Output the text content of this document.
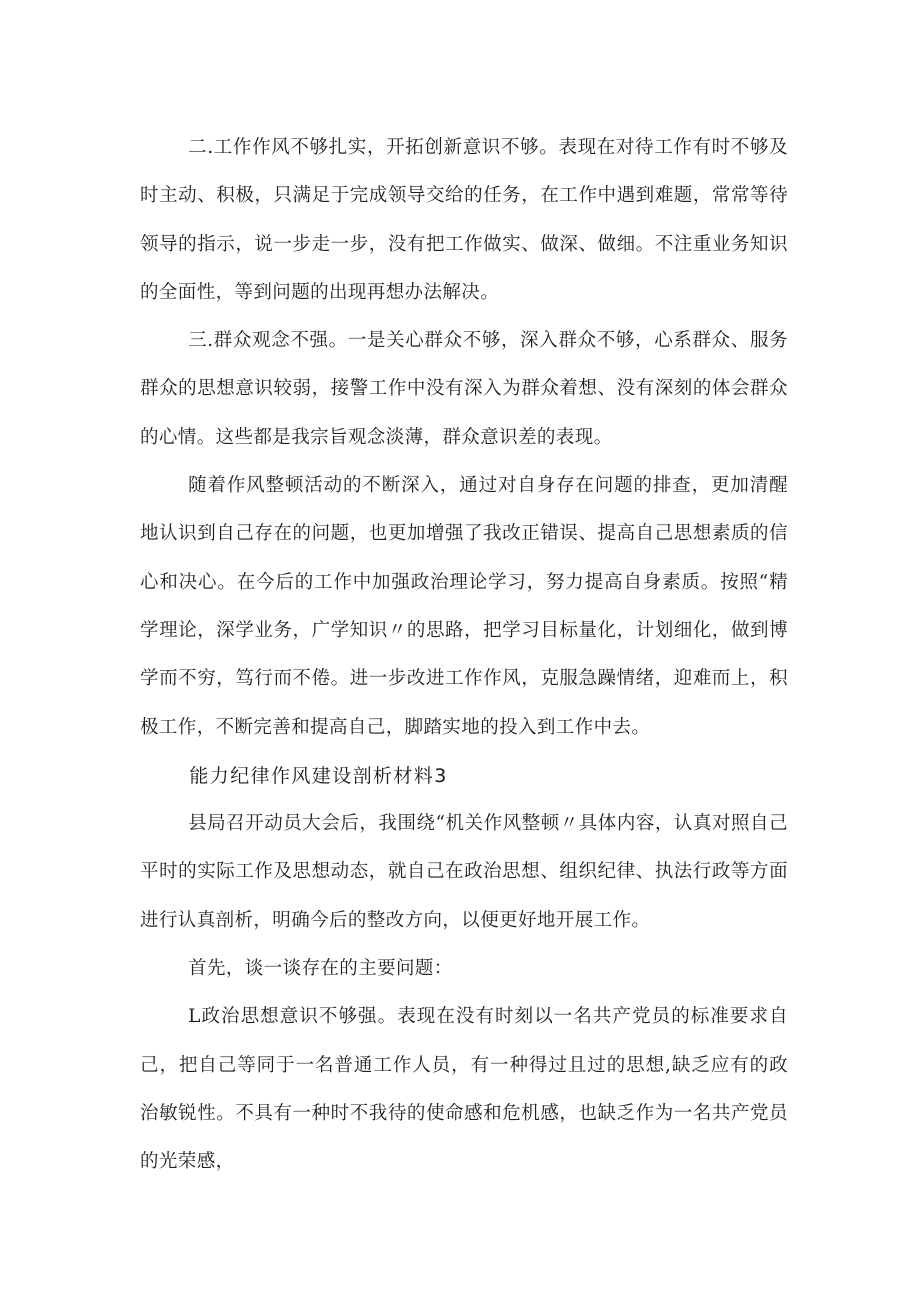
二.工作作风不够扎实，开拓创新意识不够。表现在对待工作有时不够及时主动、积极，只满足于完成领导交给的任务，在工作中遇到难题，常常等待领导的指示，说一步走一步，没有把工作做实、做深、做细。不注重业务知识的全面性，等到问题的出现再想办法解决。

三.群众观念不强。一是关心群众不够，深入群众不够，心系群众、服务群众的思想意识较弱，接警工作中没有深入为群众着想、没有深刻的体会群众的心情。这些都是我宗旨观念淡薄，群众意识差的表现。

随着作风整顿活动的不断深入，通过对自身存在问题的排查，更加清醒地认识到自己存在的问题，也更加增强了我改正错误、提高自己思想素质的信心和决心。在今后的工作中加强政治理论学习，努力提高自身素质。按照“精学理论，深学业务，广学知识〃的思路，把学习目标量化，计划细化，做到博学而不穷，笃行而不倦。进一步改进工作作风，克服急躁情绪，迎难而上，积极工作，不断完善和提高自己，脚踏实地的投入到工作中去。

能力纪律作风建设剖析材料3

县局召开动员大会后，我围绕“机关作风整顿〃具体内容，认真对照自己平时的实际工作及思想动态，就自己在政治思想、组织纪律、执法行政等方面进行认真剖析，明确今后的整改方向，以便更好地开展工作。

首先，谈一谈存在的主要问题：

L政治思想意识不够强。表现在没有时刻以一名共产党员的标准要求自己，把自己等同于一名普通工作人员，有一种得过且过的思想,缺乏应有的政治敏锐性。不具有一种时不我待的使命感和危机感，也缺乏作为一名共产党员的光荣感，
